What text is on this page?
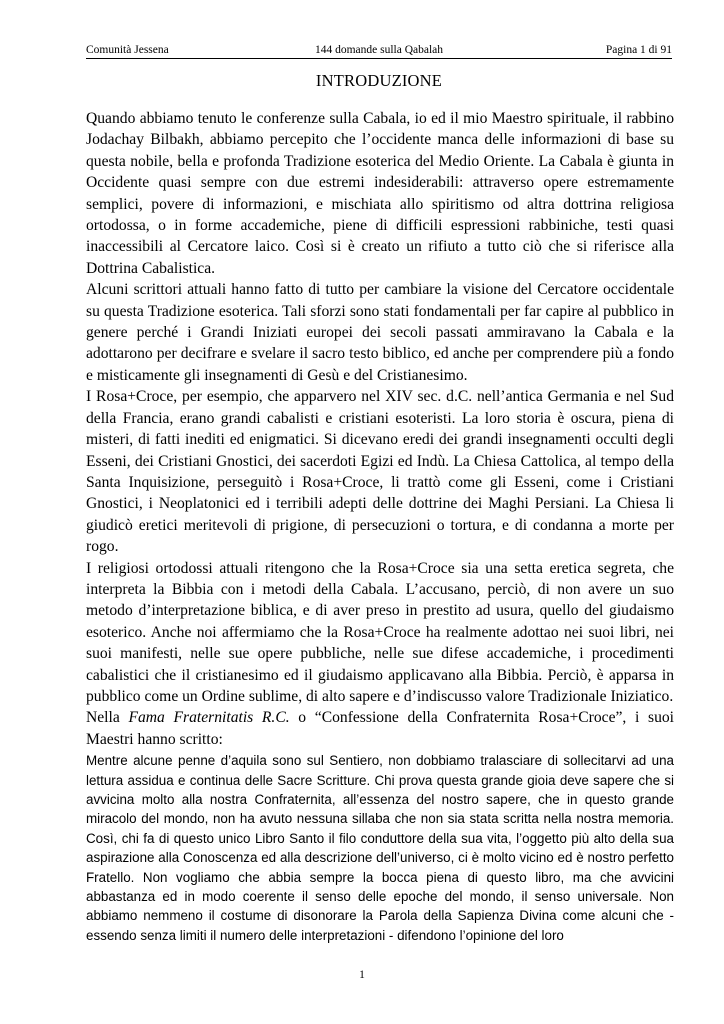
Comunità Jessena	144 domande sulla Qabalah	Pagina 1 di 91
INTRODUZIONE

Quando abbiamo tenuto le conferenze sulla Cabala, io ed il mio Maestro spirituale, il rabbino Jodachay Bilbakh, abbiamo percepito che l’occidente manca delle informazioni di base su questa nobile, bella e profonda Tradizione esoterica del Medio Oriente. La Cabala è giunta in Occidente quasi sempre con due estremi indesiderabili: attraverso opere estremamente semplici, povere di informazioni, e mischiata allo spiritismo od altra dottrina religiosa ortodossa, o in forme accademiche, piene di difficili espressioni rabbiniche, testi quasi inaccessibili al Cercatore laico. Così si è creato un rifiuto a tutto ciò che si riferisce alla Dottrina Cabalistica.

Alcuni scrittori attuali hanno fatto di tutto per cambiare la visione del Cercatore occidentale su questa Tradizione esoterica. Tali sforzi sono stati fondamentali per far capire al pubblico in genere perché i Grandi Iniziati europei dei secoli passati ammiravano la Cabala e la adottarono per decifrare e svelare il sacro testo biblico, ed anche per comprendere più a fondo e misticamente gli insegnamenti di Gesù e del Cristianesimo.

I Rosa+Croce, per esempio, che apparvero nel XIV sec. d.C. nell’antica Germania e nel Sud della Francia, erano grandi cabalisti e cristiani esoteristi. La loro storia è oscura, piena di misteri, di fatti inediti ed enigmatici. Si dicevano eredi dei grandi insegnamenti occulti degli Esseni, dei Cristiani Gnostici, dei sacerdoti Egizi ed Indù. La Chiesa Cattolica, al tempo della Santa Inquisizione, perseguitò i Rosa+Croce, li trattò come gli Esseni, come i Cristiani Gnostici, i Neoplatonici ed i terribili adepti delle dottrine dei Maghi Persiani. La Chiesa li giudicò eretici meritevoli di prigione, di persecuzioni o tortura, e di condanna a morte per rogo.

I religiosi ortodossi attuali ritengono che la Rosa+Croce sia una setta eretica segreta, che interpreta la Bibbia con i metodi della Cabala. L’accusano, perciò, di non avere un suo metodo d’interpretazione biblica, e di aver preso in prestito ad usura, quello del giudaismo esoterico. Anche noi affermiamo che la Rosa+Croce ha realmente adottao nei suoi libri, nei suoi manifesti, nelle sue opere pubbliche, nelle sue difese accademiche, i procedimenti cabalistici che il cristianesimo ed il giudaismo applicavano alla Bibbia. Perciò, è apparsa in pubblico come un Ordine sublime, di alto sapere e d’indiscusso valore Tradizionale Iniziatico.

Nella Fama Fraternitatis R.C. o “Confessione della Confraternita Rosa+Croce”, i suoi Maestri hanno scritto:

Mentre alcune penne d’aquila sono sul Sentiero, non dobbiamo tralasciare di sollecitarvi ad una lettura assidua e continua delle Sacre Scritture. Chi prova questa grande gioia deve sapere che si avvicina molto alla nostra Confraternita, all’essenza del nostro sapere, che in questo grande miracolo del mondo, non ha avuto nessuna sillaba che non sia stata scritta nella nostra memoria. Così, chi fa di questo unico Libro Santo il filo conduttore della sua vita, l’oggetto più alto della sua aspirazione alla Conoscenza ed alla descrizione dell’universo, ci è molto vicino ed è nostro perfetto Fratello. Non vogliamo che abbia sempre la bocca piena di questo libro, ma che avvicini abbastanza ed in modo coerente il senso delle epoche del mondo, il senso universale. Non abbiamo nemmeno il costume di disonorare la Parola della Sapienza Divina come alcuni che - essendo senza limiti il numero delle interpretazioni - difendono l’opinione del loro

1
